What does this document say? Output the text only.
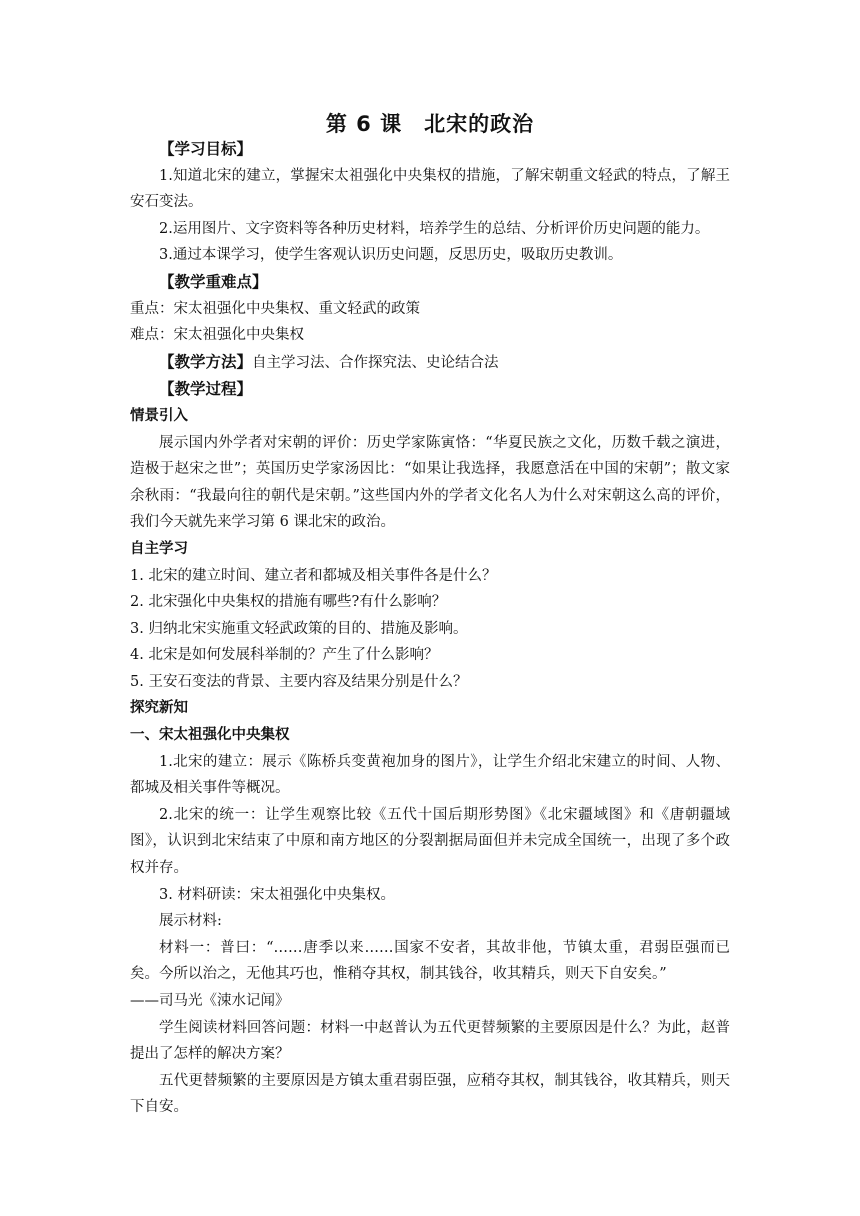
第 6 课　北宋的政治

【学习目标】

1.知道北宋的建立，掌握宋太祖强化中央集权的措施，了解宋朝重文轻武的特点，了解王安石变法。

2.运用图片、文字资料等各种历史材料，培养学生的总结、分析评价历史问题的能力。

3.通过本课学习，使学生客观认识历史问题，反思历史，吸取历史教训。

【教学重难点】

重点：宋太祖强化中央集权、重文轻武的政策

难点：宋太祖强化中央集权

【教学方法】自主学习法、合作探究法、史论结合法

【教学过程】

情景引入

展示国内外学者对宋朝的评价：历史学家陈寅恪：“华夏民族之文化，历数千载之演进，造极于赵宋之世”；英国历史学家汤因比：“如果让我选择，我愿意活在中国的宋朝”；散文家余秋雨：“我最向往的朝代是宋朝。”这些国内外的学者文化名人为什么对宋朝这么高的评价，我们今天就先来学习第 6 课北宋的政治。

自主学习

1. 北宋的建立时间、建立者和都城及相关事件各是什么？

2. 北宋强化中央集权的措施有哪些?有什么影响？

3. 归纳北宋实施重文轻武政策的目的、措施及影响。

4. 北宋是如何发展科举制的？产生了什么影响？

5. 王安石变法的背景、主要内容及结果分别是什么？

探究新知

一、宋太祖强化中央集权

1.北宋的建立：展示《陈桥兵变黄袍加身的图片》，让学生介绍北宋建立的时间、人物、都城及相关事件等概况。

2.北宋的统一：让学生观察比较《五代十国后期形势图》《北宋疆域图》和《唐朝疆域图》，认识到北宋结束了中原和南方地区的分裂割据局面但并未完成全国统一，出现了多个政权并存。

3. 材料研读：宋太祖强化中央集权。

展示材料:

材料一：普曰：“……唐季以来……国家不安者，其故非他，节镇太重，君弱臣强而已矣。今所以治之，无他其巧也，惟稍夺其权，制其钱谷，收其精兵，则天下自安矣。”

——司马光《涑水记闻》

学生阅读材料回答问题：材料一中赵普认为五代更替频繁的主要原因是什么？为此，赵普提出了怎样的解决方案？

五代更替频繁的主要原因是方镇太重君弱臣强，应稍夺其权，制其钱谷，收其精兵，则天下自安。
